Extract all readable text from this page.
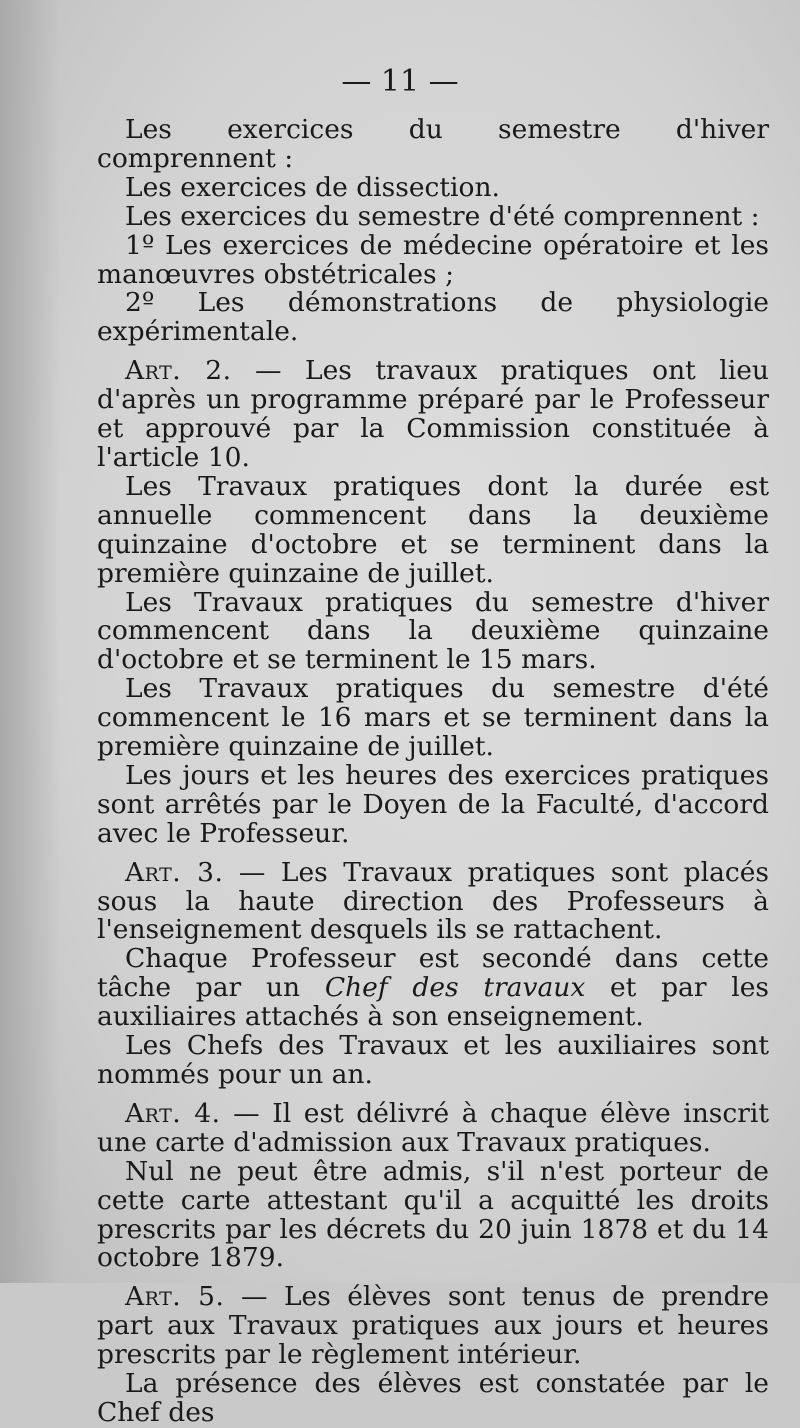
— 11 —

Les exercices du semestre d'hiver comprennent :

Les exercices de dissection.

Les exercices du semestre d'été comprennent :

1º Les exercices de médecine opératoire et les manœuvres obstétricales ;

2º Les démonstrations de physiologie expérimentale.

Art. 2. — Les travaux pratiques ont lieu d'après un programme préparé par le Professeur et approuvé par la Commission constituée à l'article 10.

Les Travaux pratiques dont la durée est annuelle commencent dans la deuxième quinzaine d'octobre et se terminent dans la première quinzaine de juillet.

Les Travaux pratiques du semestre d'hiver commencent dans la deuxième quinzaine d'octobre et se terminent le 15 mars.

Les Travaux pratiques du semestre d'été commencent le 16 mars et se terminent dans la première quinzaine de juillet.

Les jours et les heures des exercices pratiques sont arrêtés par le Doyen de la Faculté, d'accord avec le Professeur.

Art. 3. — Les Travaux pratiques sont placés sous la haute direction des Professeurs à l'enseignement desquels ils se rattachent.

Chaque Professeur est secondé dans cette tâche par un Chef des travaux et par les auxiliaires attachés à son enseignement.

Les Chefs des Travaux et les auxiliaires sont nommés pour un an.

Art. 4. — Il est délivré à chaque élève inscrit une carte d'admission aux Travaux pratiques.

Nul ne peut être admis, s'il n'est porteur de cette carte attestant qu'il a acquitté les droits prescrits par les décrets du 20 juin 1878 et du 14 octobre 1879.

Art. 5. — Les élèves sont tenus de prendre part aux Travaux pratiques aux jours et heures prescrits par le règlement intérieur.

La présence des élèves est constatée par le Chef des
